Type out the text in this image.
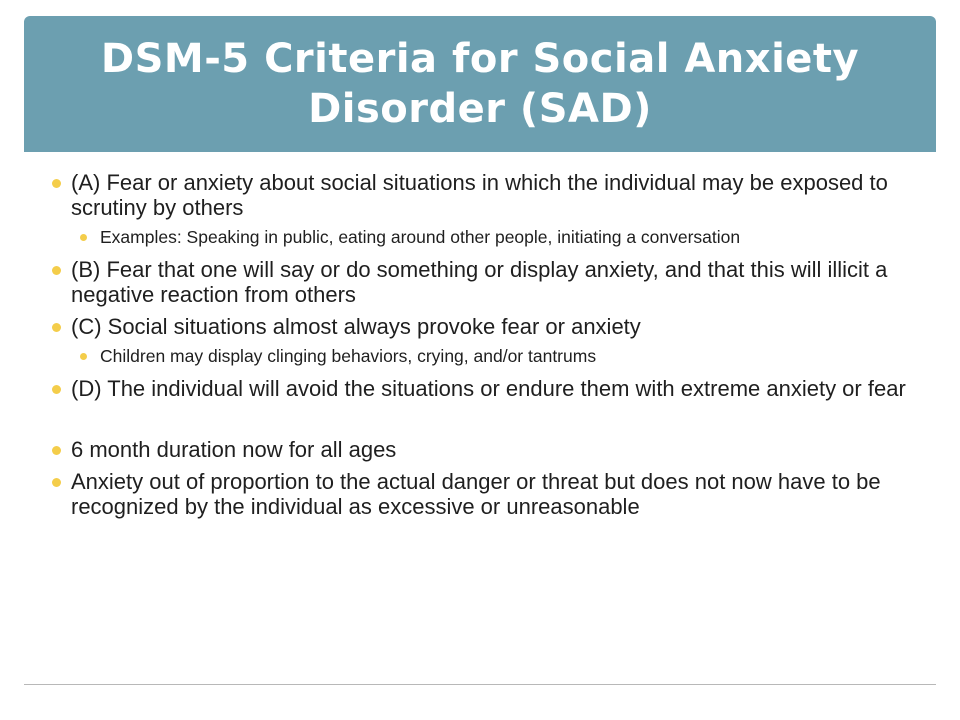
DSM-5 Criteria for Social Anxiety Disorder (SAD)
(A) Fear or anxiety about social situations in which the individual may be exposed to scrutiny by others
Examples: Speaking in public, eating around other people, initiating a conversation
(B) Fear that one will say or do something or display anxiety, and that this will illicit a negative reaction from others
(C) Social situations almost always provoke fear or anxiety
Children may display clinging behaviors, crying, and/or tantrums
(D) The individual will avoid the situations or endure them with extreme anxiety or fear
6 month duration now for all ages
Anxiety out of proportion to the actual danger or threat but does not now have to be recognized by the individual as excessive or unreasonable
